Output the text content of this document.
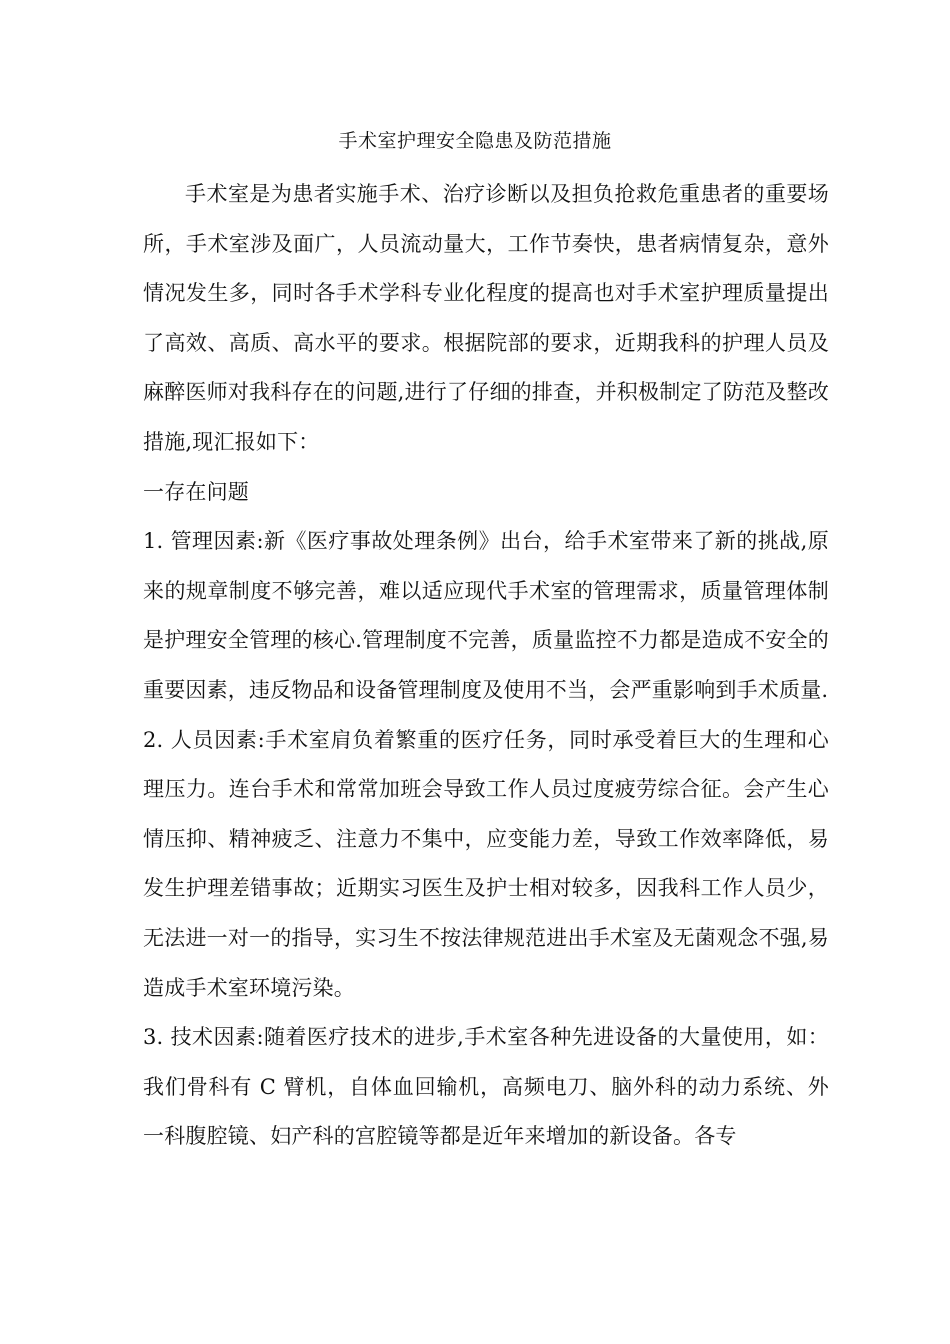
手术室护理安全隐患及防范措施

手术室是为患者实施手术、治疗诊断以及担负抢救危重患者的重要场所，手术室涉及面广，人员流动量大，工作节奏快，患者病情复杂，意外情况发生多，同时各手术学科专业化程度的提高也对手术室护理质量提出了高效、高质、高水平的要求。根据院部的要求，近期我科的护理人员及麻醉医师对我科存在的问题,进行了仔细的排查，并积极制定了防范及整改措施,现汇报如下：

一存在问题

1. 管理因素:新《医疗事故处理条例》出台，给手术室带来了新的挑战,原来的规章制度不够完善，难以适应现代手术室的管理需求，质量管理体制是护理安全管理的核心.管理制度不完善，质量监控不力都是造成不安全的重要因素，违反物品和设备管理制度及使用不当，会严重影响到手术质量.

2. 人员因素:手术室肩负着繁重的医疗任务，同时承受着巨大的生理和心理压力。连台手术和常常加班会导致工作人员过度疲劳综合征。会产生心情压抑、精神疲乏、注意力不集中，应变能力差，导致工作效率降低，易发生护理差错事故；近期实习医生及护士相对较多，因我科工作人员少，无法进一对一的指导，实习生不按法律规范进出手术室及无菌观念不强,易造成手术室环境污染。

3. 技术因素:随着医疗技术的进步,手术室各种先进设备的大量使用，如：我们骨科有 C 臂机，自体血回输机，高频电刀、脑外科的动力系统、外一科腹腔镜、妇产科的宫腔镜等都是近年来增加的新设备。各专
